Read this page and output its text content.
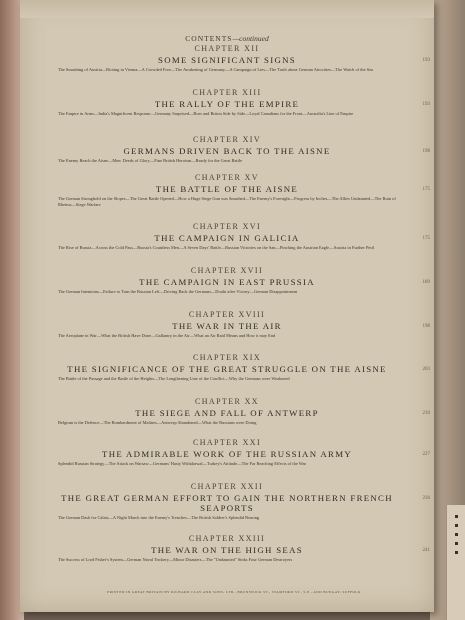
CONTENTS—continued
CHAPTER XII
SOME SIGNIFICANT SIGNS
The Smashing of Austria—Rioting in Vienna—A Crowded Fore—The Awakening of Germany—A Campaign of Lies—The Truth about German Atrocities—The Watch of the Sea
193
CHAPTER XIII
THE RALLY OF THE EMPIRE
The Empire in Arms—India's Magnificent Response—Germany Surprised—Boer and Briton Side by Side—Loyal Canadians for the Front—Australia's Line of Empire
193
CHAPTER XIV
GERMANS DRIVEN BACK TO THE AISNE
The Enemy Reach the Aisne—Men: Deeds of Glory—Fine British Heroism—Ready for the Great Battle
198
CHAPTER XV
THE BATTLE OF THE AISNE
The German Stronghold on the Slopes—The Great Battle Opened—How a Huge Siege Gun was Smashed—The Enemy's Foresight—Progress by Inches—The Allies Undaunted—The Ruin of Rheims—Siege Warfare
175
CHAPTER XVI
THE CAMPAIGN IN GALICIA
The Rise of Russia—Across the Cold Pass—Russia's Countless Men—A Seven Days' Battle—Russian Victories on the San—Pinching the Austrian Eagle—Austria in Further Peril
175
CHAPTER XVII
THE CAMPAIGN IN EAST PRUSSIA
The German Intentions—Failure to Turn the Russian Left—Driving Back the Germans—Doubt after Victory—German Disappointment
189
CHAPTER XVIII
THE WAR IN THE AIR
The Aeroplane in War—What the British Have Done—Gallantry in the Air—What an Air Raid Means and How it may End
198
CHAPTER XIX
THE SIGNIFICANCE OF THE GREAT STRUGGLE ON THE AISNE
The Battle of the Passage and the Battle of the Heights—The Lengthening Line of the Conflict—Why the Germans were Weakened
203
CHAPTER XX
THE SIEGE AND FALL OF ANTWERP
Belgium is the Defence—The Bombardment of Malines—Antwerp Abandoned—What the Russians were Doing
210
CHAPTER XXI
THE ADMIRABLE WORK OF THE RUSSIAN ARMY
Splendid Russian Strategy—The Attack on Warsaw—Germans' Hasty Withdrawal—Turkey's Attitude—The Far Reaching Effects of the War
227
CHAPTER XXII
THE GREAT GERMAN EFFORT TO GAIN THE NORTHERN FRENCH SEAPORTS
The German Dash for Calais—A Night March into the Enemy's Trenches—The British Soldier's Splendid Bearing
236
CHAPTER XXIII
THE WAR ON THE HIGH SEAS
The Success of Lord Fisher's System—German Naval Trickery—Minor Disasters—The "Undaunted" Sinks Four German Destroyers
241
PRINTED IN GREAT BRITAIN BY RICHARD CLAY AND SONS, LTD., BRUNSWICK ST., STAMFORD ST., S.E., AND BUNGAY, SUFFOLK
